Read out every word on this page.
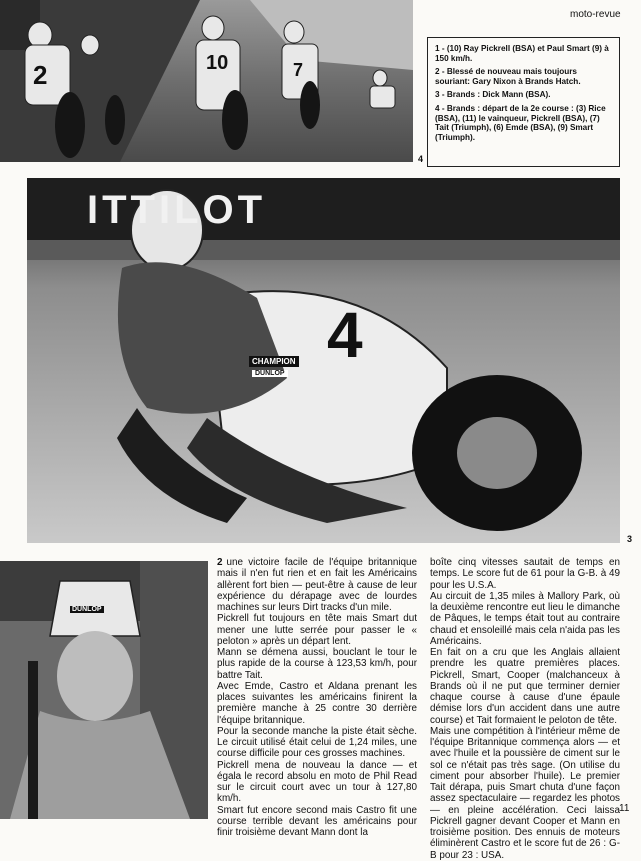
moto-revue
2	10	7
4

1 - (10) Ray Pickrell (BSA) et Paul Smart (9) à 150 km/h.

2 - Blessé de nouveau mais toujours souriant: Gary Nixon à Brands Hatch.

3 - Brands : Dick Mann (BSA).

4 - Brands : départ de la 2e course : (3) Rice (BSA), (11) le vainqueur, Pickrell (BSA), (7) Tait (Triumph), (6) Emde (BSA), (9) Smart (Triumph).

ITTILOT
4
CHAMPION
DUNLOP
3
DUNLOP

2 une victoire facile de l'équipe britannique mais il n'en fut rien et en fait les Américains allèrent fort bien — peut-être à cause de leur expérience du dérapage avec de lourdes machines sur leurs Dirt tracks d'un mile.

Pickrell fut toujours en tête mais Smart dut mener une lutte serrée pour passer le « peloton » après un départ lent.

Mann se démena aussi, bouclant le tour le plus rapide de la course à 123,53 km/h, pour battre Tait.

Avec Emde, Castro et Aldana prenant les places suivantes les américains finirent la première manche à 25 contre 30 derrière l'équipe britannique.

Pour la seconde manche la piste était sèche. Le circuit utilisé était celui de 1,24 miles, une course difficile pour ces grosses machines.

Pickrell mena de nouveau la dance — et égala le record absolu en moto de Phil Read sur le circuit court avec un tour à 127,80 km/h.

Smart fut encore second mais Castro fit une course terrible devant les américains pour finir troisième devant Mann dont la

boîte cinq vitesses sautait de temps en temps. Le score fut de 61 pour la G-B. à 49 pour les U.S.A.

Au circuit de 1,35 miles à Mallory Park, où la deuxième rencontre eut lieu le dimanche de Pâques, le temps était tout au contraire chaud et ensoleillé mais cela n'aida pas les Américains.

En fait on a cru que les Anglais allaient prendre les quatre premières places. Pickrell, Smart, Cooper (malchanceux à Brands où il ne put que terminer dernier chaque course à cause d'une épaule démise lors d'un accident dans une autre course) et Tait formaient le peloton de tête.

Mais une compétition à l'intérieur même de l'équipe Britannique commença alors — et avec l'huile et la poussière de ciment sur le sol ce n'était pas très sage. (On utilise du ciment pour absorber l'huile). Le premier Tait dérapa, puis Smart chuta d'une façon assez spectaculaire — regardez les photos — en pleine accélération. Ceci laissa Pickrell gagner devant Cooper et Mann en troisième position. Des ennuis de moteurs éliminèrent Castro et le score fut de 26 : G-B pour 23 : USA.

11
